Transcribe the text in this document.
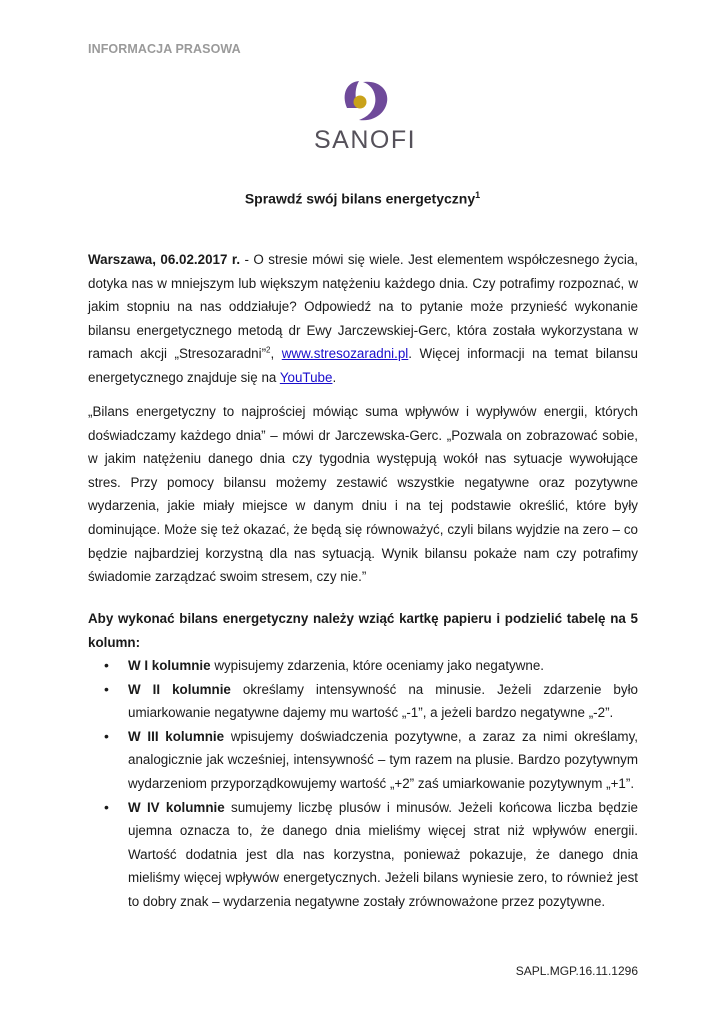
INFORMACJA PRASOWA
SANOFI
Sprawdź swój bilans energetyczny$^1$

Warszawa, 06.02.2017 r. - O stresie mówi się wiele. Jest elementem współczesnego życia, dotyka nas w mniejszym lub większym natężeniu każdego dnia. Czy potrafimy rozpoznać, w jakim stopniu na nas oddziałuje? Odpowiedź na to pytanie może przynieść wykonanie bilansu energetycznego metodą dr Ewy Jarczewskiej-Gerc, która została wykorzystana w ramach akcji „Stresozaradni”$^2$, www.stresozaradni.pl. Więcej informacji na temat bilansu energetycznego znajduje się na YouTube.

„Bilans energetyczny to najprościej mówiąc suma wpływów i wypływów energii, których doświadczamy każdego dnia” – mówi dr Jarczewska-Gerc. „Pozwala on zobrazować sobie, w jakim natężeniu danego dnia czy tygodnia występują wokół nas sytuacje wywołujące stres. Przy pomocy bilansu możemy zestawić wszystkie negatywne oraz pozytywne wydarzenia, jakie miały miejsce w danym dniu i na tej podstawie określić, które były dominujące. Może się też okazać, że będą się równoważyć, czyli bilans wyjdzie na zero – co będzie najbardziej korzystną dla nas sytuacją. Wynik bilansu pokaże nam czy potrafimy świadomie zarządzać swoim stresem, czy nie.”

Aby wykonać bilans energetyczny należy wziąć kartkę papieru i podzielić tabelę na 5 kolumn:

• W I kolumnie wypisujemy zdarzenia, które oceniamy jako negatywne.
• W II kolumnie określamy intensywność na minusie. Jeżeli zdarzenie było umiarkowanie negatywne dajemy mu wartość „-1”, a jeżeli bardzo negatywne „-2”.
• W III kolumnie wpisujemy doświadczenia pozytywne, a zaraz za nimi określamy, analogicznie jak wcześniej, intensywność – tym razem na plusie. Bardzo pozytywnym wydarzeniom przyporządkowujemy wartość „+2” zaś umiarkowanie pozytywnym „+1”.
• W IV kolumnie sumujemy liczbę plusów i minusów. Jeżeli końcowa liczba będzie ujemna oznacza to, że danego dnia mieliśmy więcej strat niż wpływów energii. Wartość dodatnia jest dla nas korzystna, ponieważ pokazuje, że danego dnia mieliśmy więcej wpływów energetycznych. Jeżeli bilans wyniesie zero, to również jest to dobry znak – wydarzenia negatywne zostały zrównoważone przez pozytywne.
SAPL.MGP.16.11.1296
